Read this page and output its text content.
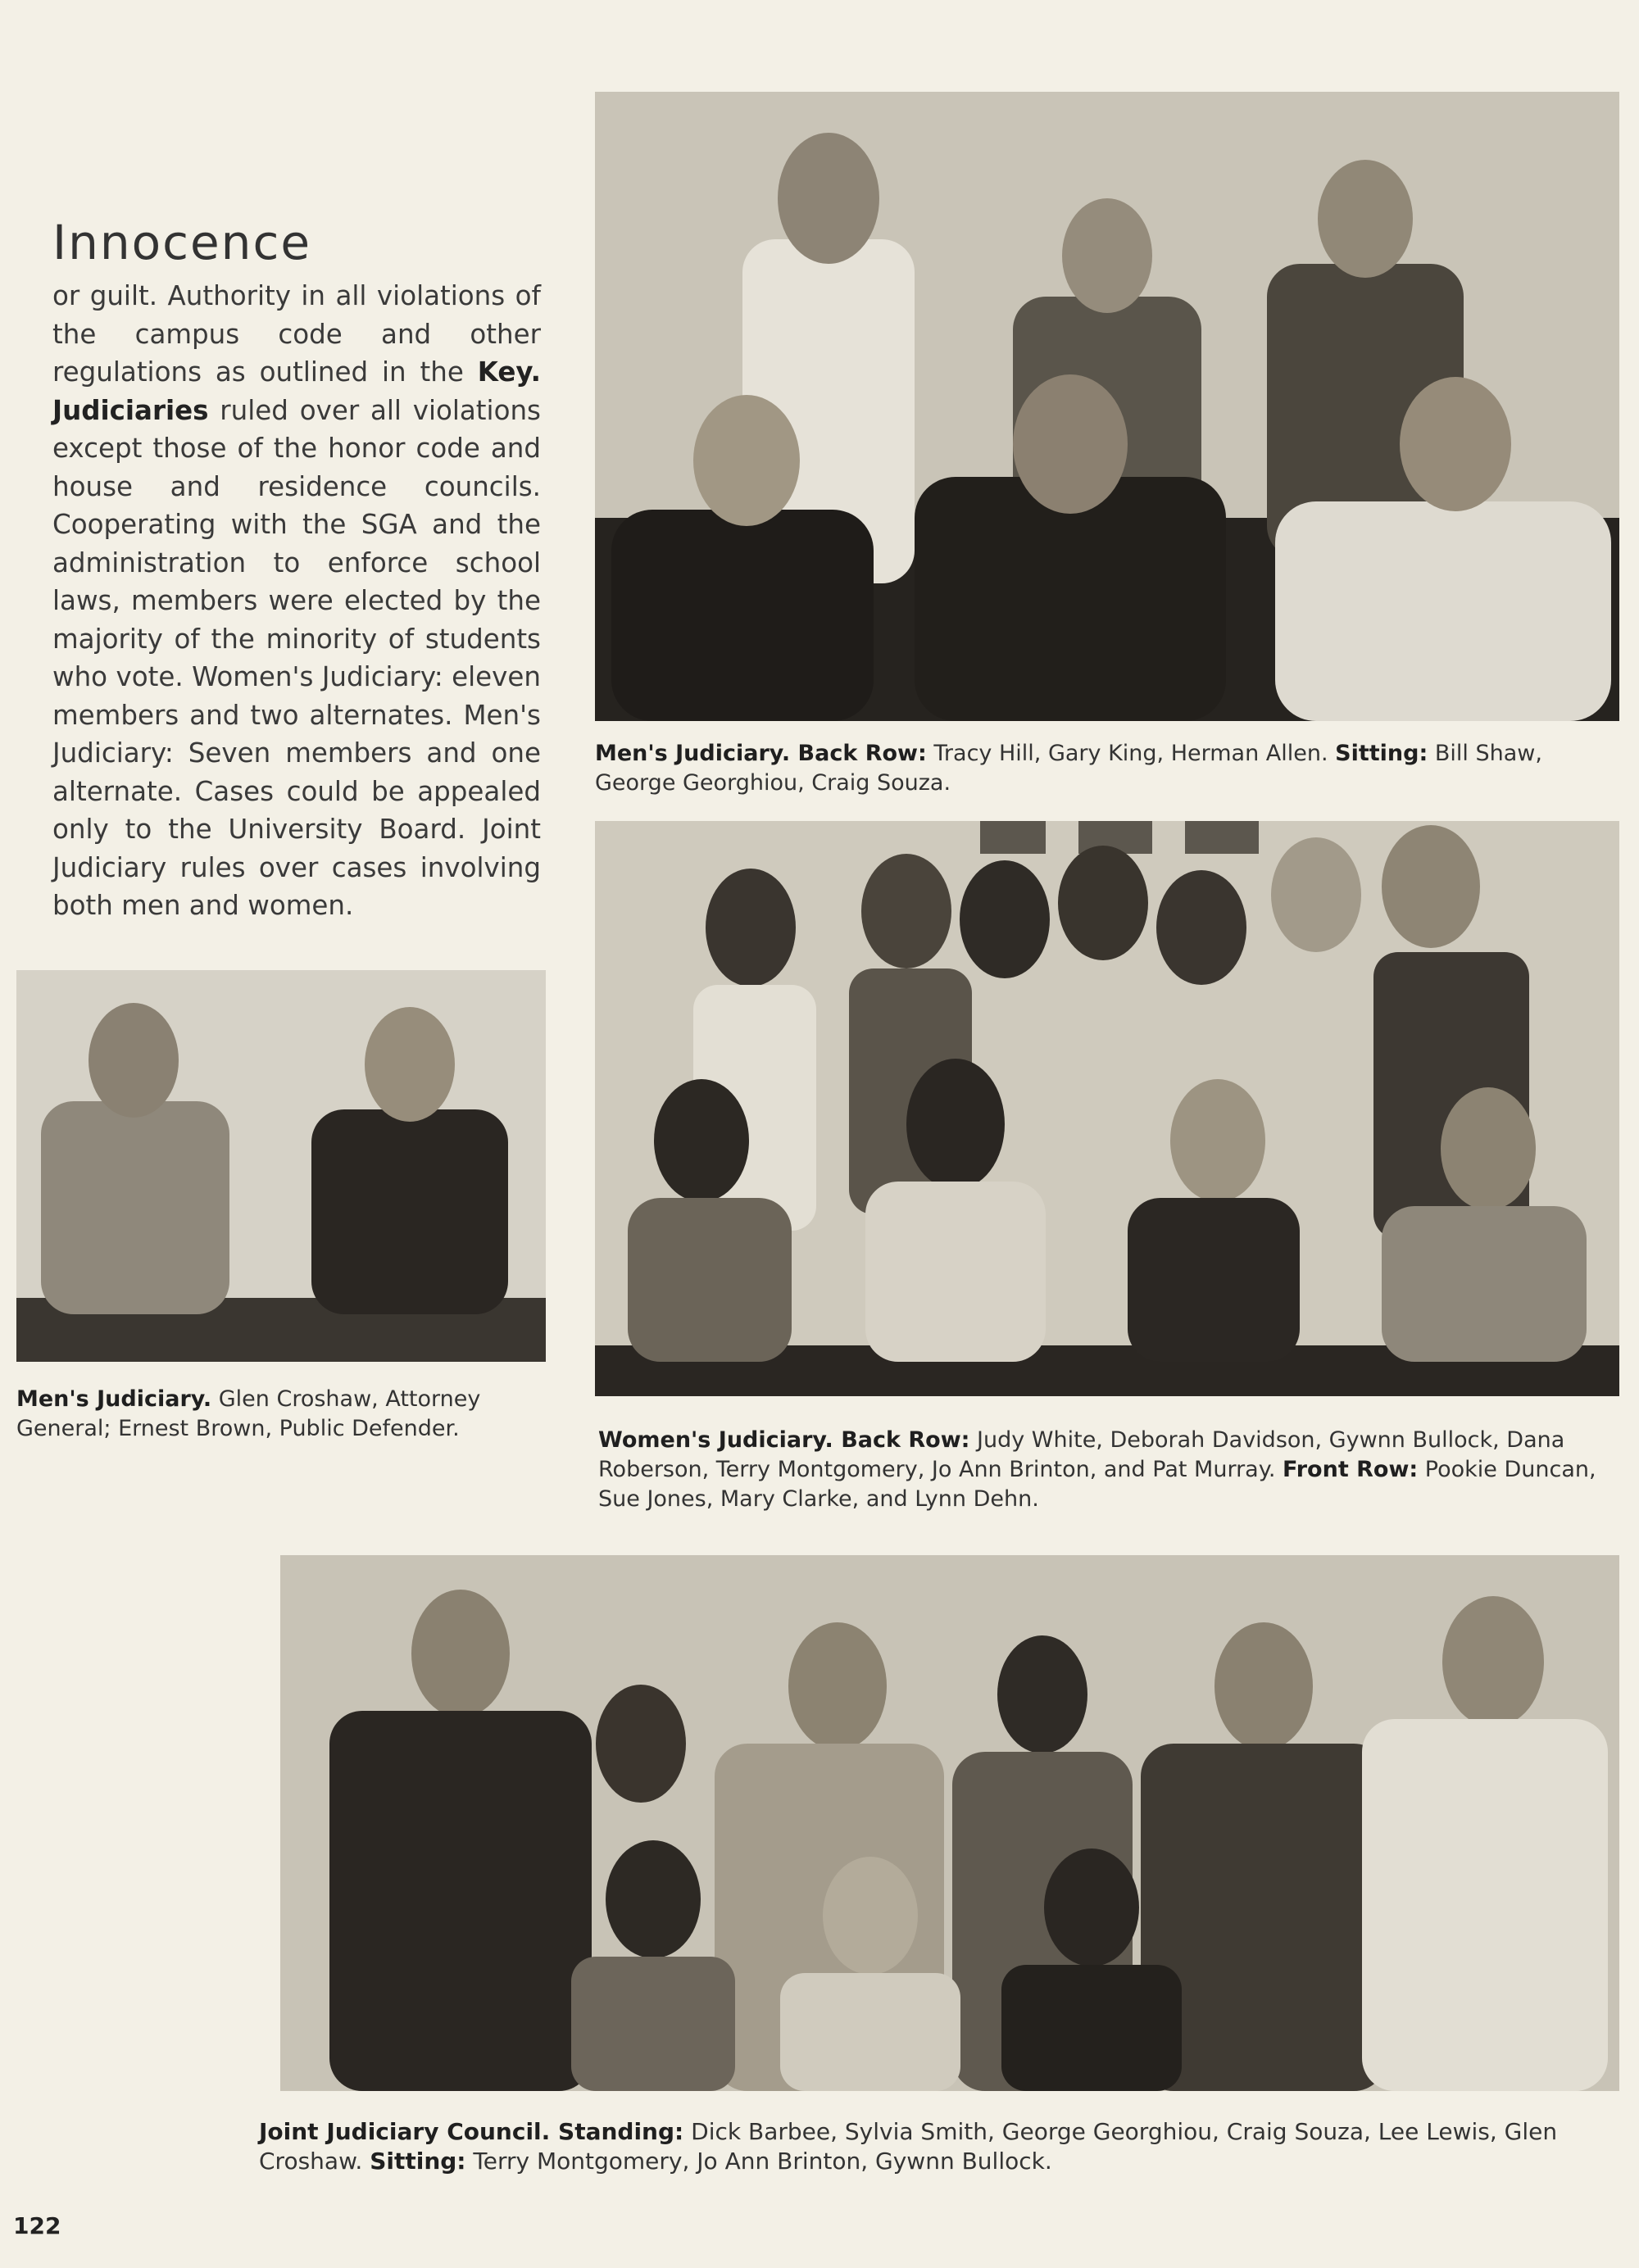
Innocence
or guilt. Authority in all violations of the campus code and other regulations as outlined in the Key. Judiciaries ruled over all violations except those of the honor code and house and residence councils. Cooperating with the SGA and the administration to enforce school laws, members were elected by the majority of the minority of students who vote. Women's Judiciary: eleven members and two alternates. Men's Judiciary: Seven members and one alternate. Cases could be appealed only to the University Board. Joint Judiciary rules over cases involving both men and women.
Men's Judiciary. Back Row: Tracy Hill, Gary King, Herman Allen. Sitting: Bill Shaw, George Georghiou, Craig Souza.
Men's Judiciary. Glen Croshaw, Attorney General; Ernest Brown, Public Defender.	Women's Judiciary. Back Row: Judy White, Deborah Davidson, Gywnn Bullock, Dana Roberson, Terry Montgomery, Jo Ann Brinton, and Pat Murray. Front Row: Pookie Duncan, Sue Jones, Mary Clarke, and Lynn Dehn.
Joint Judiciary Council. Standing: Dick Barbee, Sylvia Smith, George Georghiou, Craig Souza, Lee Lewis, Glen Croshaw. Sitting: Terry Montgomery, Jo Ann Brinton, Gywnn Bullock.
122
